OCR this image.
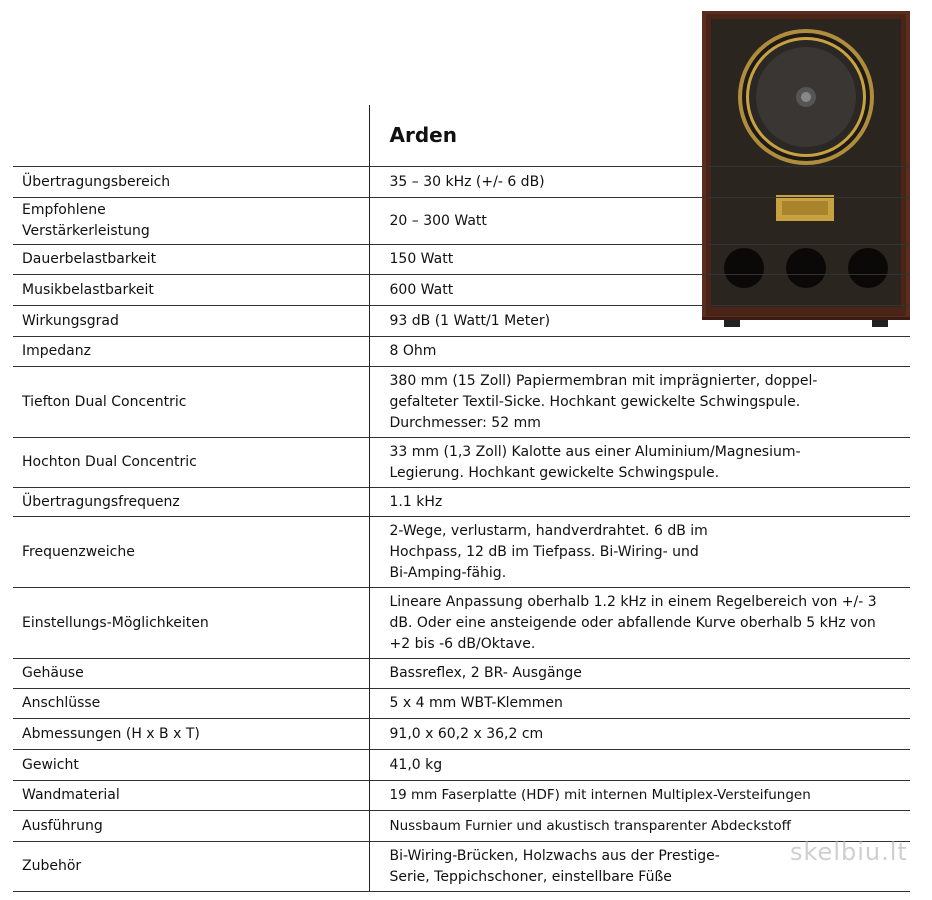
	Arden
Übertragungsbereich	35 – 30 kHz (+/- 6 dB)
Empfohlene Verstärkerleistung	20 – 300 Watt
Dauerbelastbarkeit	150 Watt
Musikbelastbarkeit	600 Watt
Wirkungsgrad	93 dB (1 Watt/1 Meter)
Impedanz	8 Ohm
Tiefton Dual Concentric	380 mm (15 Zoll) Papiermembran mit imprägnierter, doppel-gefalteter Textil-Sicke. Hochkant gewickelte Schwingspule. Durchmesser: 52 mm
Hochton Dual Concentric	33 mm (1,3 Zoll) Kalotte aus einer Aluminium/Magnesium-Legierung. Hochkant gewickelte Schwingspule.
Übertragungsfrequenz	1.1 kHz
Frequenzweiche	2-Wege, verlustarm, handverdrahtet. 6 dB im Hochpass, 12 dB im Tiefpass. Bi-Wiring- und Bi-Amping-fähig.
Einstellungs-Möglichkeiten	Lineare Anpassung oberhalb 1.2 kHz in einem Regelbereich von +/- 3 dB. Oder eine ansteigende oder abfallende Kurve oberhalb 5 kHz von +2 bis -6 dB/Oktave.
Gehäuse	Bassreflex, 2 BR- Ausgänge
Anschlüsse	5 x 4 mm WBT-Klemmen
Abmessungen (H x B x T)	91,0 x 60,2 x 36,2 cm
Gewicht	41,0 kg
Wandmaterial	19 mm Faserplatte (HDF) mit internen Multiplex-Versteifungen
Ausführung	Nussbaum Furnier und akustisch transparenter Abdeckstoff
Zubehör	Bi-Wiring-Brücken, Holzwachs aus der Prestige-Serie, Teppichschoner, einstellbare Füße
skelbiu.lt
